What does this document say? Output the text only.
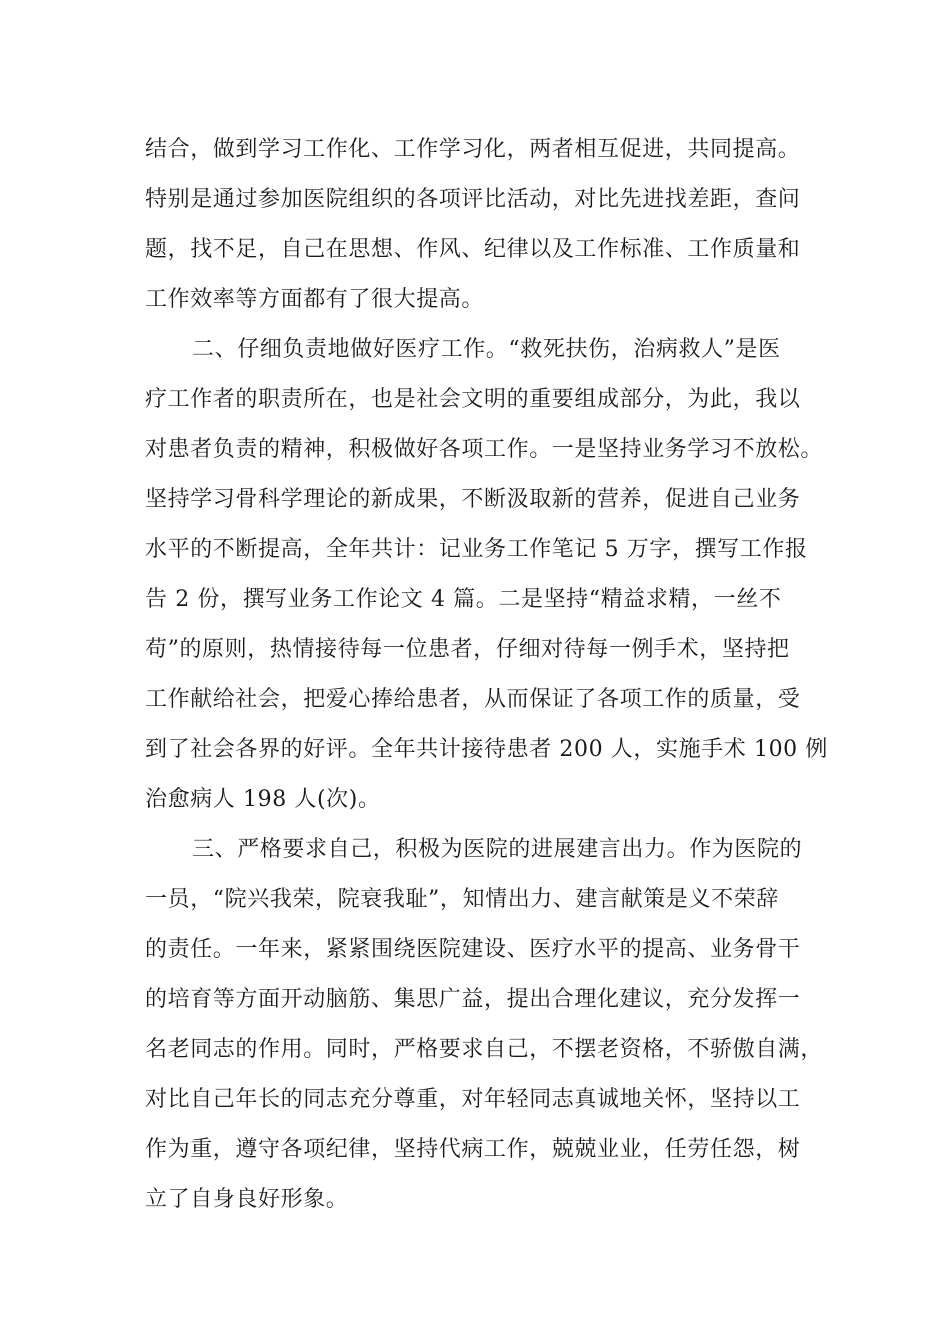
结合，做到学习工作化、工作学习化，两者相互促进，共同提高。
特别是通过参加医院组织的各项评比活动，对比先进找差距，查问
题，找不足，自己在思想、作风、纪律以及工作标准、工作质量和
工作效率等方面都有了很大提高。
二、仔细负责地做好医疗工作。“救死扶伤，治病救人”是医
疗工作者的职责所在，也是社会文明的重要组成部分，为此，我以
对患者负责的精神，积极做好各项工作。一是坚持业务学习不放松。
坚持学习骨科学理论的新成果，不断汲取新的营养，促进自己业务
水平的不断提高，全年共计：记业务工作笔记 5 万字，撰写工作报
告 2 份，撰写业务工作论文 4 篇。二是坚持“精益求精，一丝不
苟”的原则，热情接待每一位患者，仔细对待每一例手术，坚持把
工作献给社会，把爱心捧给患者，从而保证了各项工作的质量，受
到了社会各界的好评。全年共计接待患者 200 人，实施手术 100 例
治愈病人 198 人(次)。
三、严格要求自己，积极为医院的进展建言出力。作为医院的
一员，“院兴我荣，院衰我耻”，知情出力、建言献策是义不荣辞
的责任。一年来，紧紧围绕医院建设、医疗水平的提高、业务骨干
的培育等方面开动脑筋、集思广益，提出合理化建议，充分发挥一
名老同志的作用。同时，严格要求自己，不摆老资格，不骄傲自满，
对比自己年长的同志充分尊重，对年轻同志真诚地关怀，坚持以工
作为重，遵守各项纪律，坚持代病工作，兢兢业业，任劳任怨，树
立了自身良好形象。
